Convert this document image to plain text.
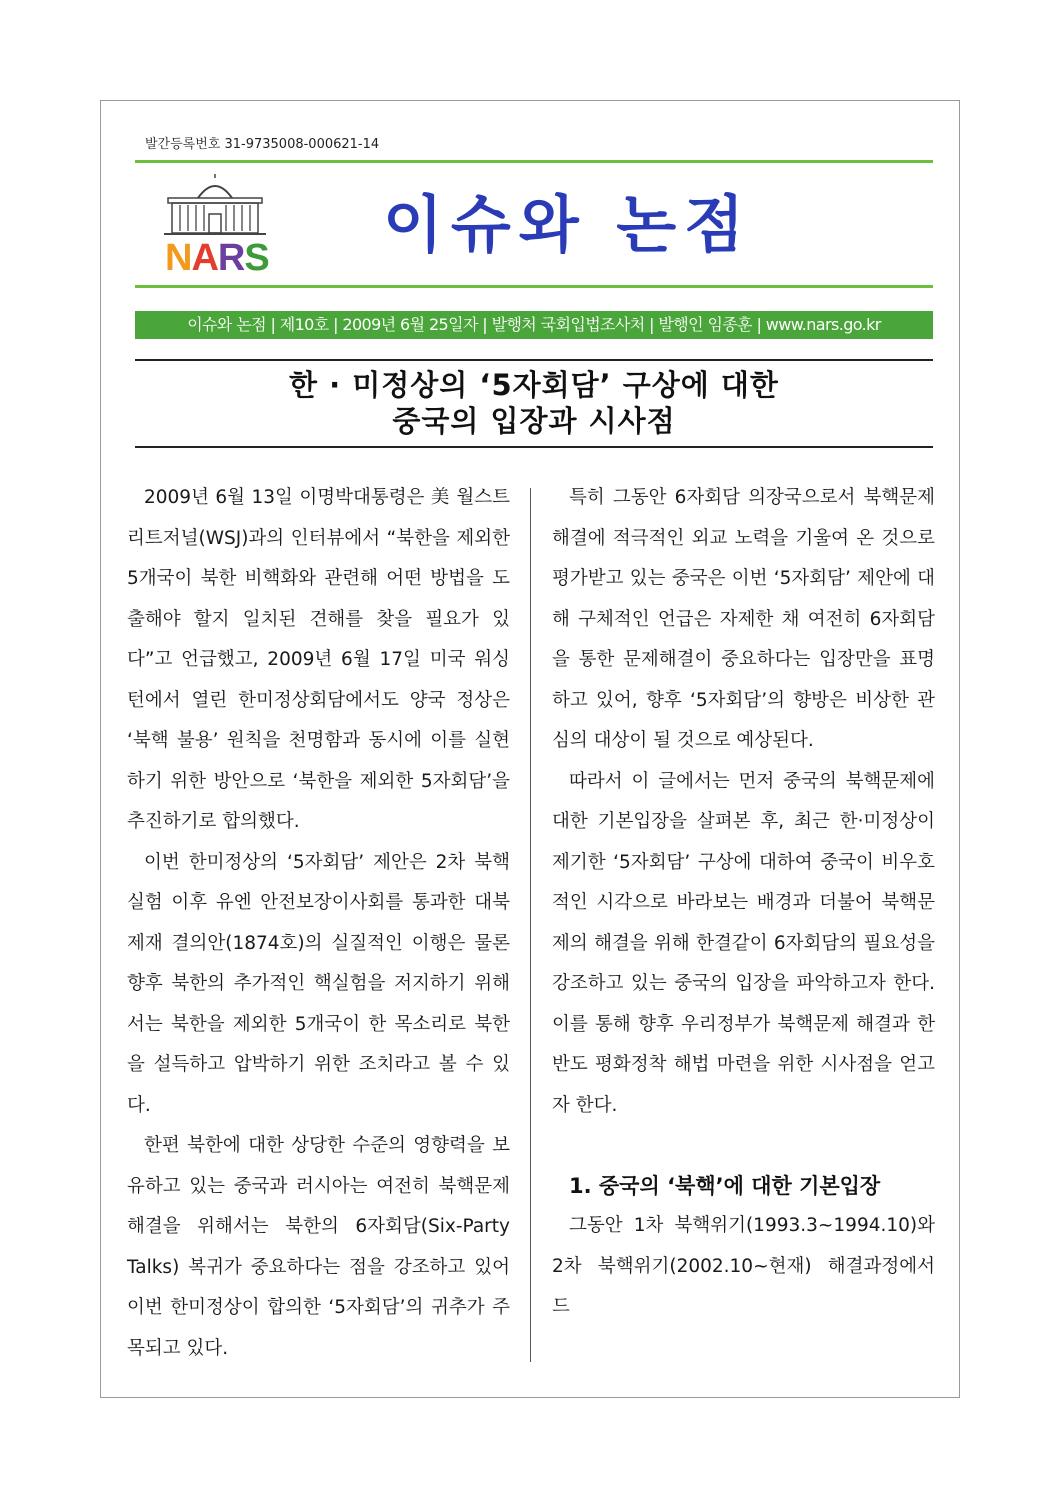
발간등록번호 31-9735008-000621-14
NARS 이슈와 논점
이슈와 논점 | 제10호 | 2009년 6월 25일자 | 발행처 국회입법조사처 | 발행인 임종훈 | www.nars.go.kr
한 · 미정상의 ‘5자회담’ 구상에 대한
중국의 입장과 시사점

2009년 6월 13일 이명박대통령은 美 월스트리트저널(WSJ)과의 인터뷰에서 “북한을 제외한 5개국이 북한 비핵화와 관련해 어떤 방법을 도출해야 할지 일치된 견해를 찾을 필요가 있다”고 언급했고, 2009년 6월 17일 미국 워싱턴에서 열린 한미정상회담에서도 양국 정상은 ‘북핵 불용’ 원칙을 천명함과 동시에 이를 실현하기 위한 방안으로 ‘북한을 제외한 5자회담’을 추진하기로 합의했다.

이번 한미정상의 ‘5자회담’ 제안은 2차 북핵실험 이후 유엔 안전보장이사회를 통과한 대북제재 결의안(1874호)의 실질적인 이행은 물론 향후 북한의 추가적인 핵실험을 저지하기 위해서는 북한을 제외한 5개국이 한 목소리로 북한을 설득하고 압박하기 위한 조치라고 볼 수 있다.

한편 북한에 대한 상당한 수준의 영향력을 보유하고 있는 중국과 러시아는 여전히 북핵문제 해결을 위해서는 북한의 6자회담(Six-Party Talks) 복귀가 중요하다는 점을 강조하고 있어 이번 한미정상이 합의한 ‘5자회담’의 귀추가 주목되고 있다.

특히 그동안 6자회담 의장국으로서 북핵문제 해결에 적극적인 외교 노력을 기울여 온 것으로 평가받고 있는 중국은 이번 ‘5자회담’ 제안에 대해 구체적인 언급은 자제한 채 여전히 6자회담을 통한 문제해결이 중요하다는 입장만을 표명하고 있어, 향후 ‘5자회담’의 향방은 비상한 관심의 대상이 될 것으로 예상된다.

따라서 이 글에서는 먼저 중국의 북핵문제에 대한 기본입장을 살펴본 후, 최근 한·미정상이 제기한 ‘5자회담’ 구상에 대하여 중국이 비우호적인 시각으로 바라보는 배경과 더불어 북핵문제의 해결을 위해 한결같이 6자회담의 필요성을 강조하고 있는 중국의 입장을 파악하고자 한다. 이를 통해 향후 우리정부가 북핵문제 해결과 한반도 평화정착 해법 마련을 위한 시사점을 얻고자 한다.

1. 중국의 ‘북핵’에 대한 기본입장

그동안 1차 북핵위기(1993.3~1994.10)와 2차 북핵위기(2002.10~현재) 해결과정에서 드
